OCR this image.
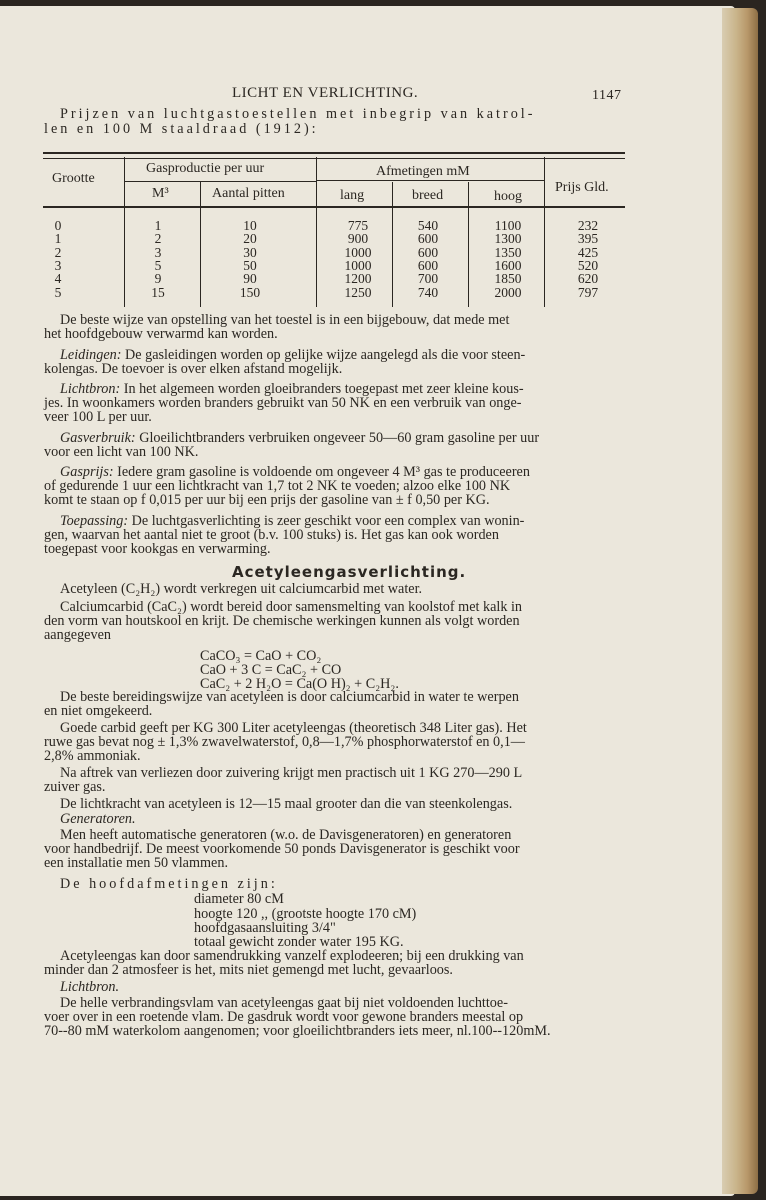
LICHT EN VERLICHTING.	1147
Prijzen van luchtgastoestellen met inbegrip van katrol-
len en 100 M staaldraad (1912):
Grootte
Gasproductie per uur
M³	Aantal pitten
Afmetingen mM
lang	breed	hoog
Prijs Gld.
0	1	10	775	540	1100	232
1	2	20	900	600	1300	395
2	3	30	1000	600	1350	425
3	5	50	1000	600	1600	520
4	9	90	1200	700	1850	620
5	15	150	1250	740	2000	797
De beste wijze van opstelling van het toestel is in een bijgebouw, dat mede met
het hoofdgebouw verwarmd kan worden.
Leidingen: De gasleidingen worden op gelijke wijze aangelegd als die voor steen-
kolengas. De toevoer is over elken afstand mogelijk.
Lichtbron: In het algemeen worden gloeibranders toegepast met zeer kleine kous-
jes. In woonkamers worden branders gebruikt van 50 NK en een verbruik van onge-
veer 100 L per uur.
Gasverbruik: Gloeilichtbranders verbruiken ongeveer 50—60 gram gasoline per uur
voor een licht van 100 NK.
Gasprijs: Iedere gram gasoline is voldoende om ongeveer 4 M³ gas te produceeren
of gedurende 1 uur een lichtkracht van 1,7 tot 2 NK te voeden; alzoo elke 100 NK
komt te staan op f 0,015 per uur bij een prijs der gasoline van ± f 0,50 per KG.
Toepassing: De luchtgasverlichting is zeer geschikt voor een complex van wonin-
gen, waarvan het aantal niet te groot (b.v. 100 stuks) is. Het gas kan ook worden
toegepast voor kookgas en verwarming.
Acetyleengasverlichting.
Acetyleen (C₂H₂) wordt verkregen uit calciumcarbid met water.
Calciumcarbid (CaC₂) wordt bereid door samensmelting van koolstof met kalk in
den vorm van houtskool en krijt. De chemische werkingen kunnen als volgt worden
aangegeven
CaCO₃ = CaO + CO₂
CaO + 3 C = CaC₂ + CO
CaC₂ + 2 H₂O = Ca(O H)₂ + C₂H₂.
De beste bereidingswijze van acetyleen is door calciumcarbid in water te werpen
en niet omgekeerd.
Goede carbid geeft per KG 300 Liter acetyleengas (theoretisch 348 Liter gas). Het
ruwe gas bevat nog ± 1,3% zwavelwaterstof, 0,8—1,7% phosphorwaterstof en 0,1—
2,8% ammoniak.
Na aftrek van verliezen door zuivering krijgt men practisch uit 1 KG 270—290 L
zuiver gas.
De lichtkracht van acetyleen is 12—15 maal grooter dan die van steenkolengas.
Generatoren.
Men heeft automatische generatoren (w.o. de Davisgeneratoren) en generatoren
voor handbedrijf. De meest voorkomende 50 ponds Davisgenerator is geschikt voor
een installatie men 50 vlammen.
De hoofdafmetingen zijn:
diameter 80 cM
hoogte 120 ,, (grootste hoogte 170 cM)
hoofdgasaansluiting 3/4"
totaal gewicht zonder water 195 KG.
Acetyleengas kan door samendrukking vanzelf explodeeren; bij een drukking van
minder dan 2 atmosfeer is het, mits niet gemengd met lucht, gevaarloos.
Lichtbron.
De helle verbrandingsvlam van acetyleengas gaat bij niet voldoenden luchttoe-
voer over in een roetende vlam. De gasdruk wordt voor gewone branders meestal op
70--80 mM waterkolom aangenomen; voor gloeilichtbranders iets meer, nl.100--120mM.
